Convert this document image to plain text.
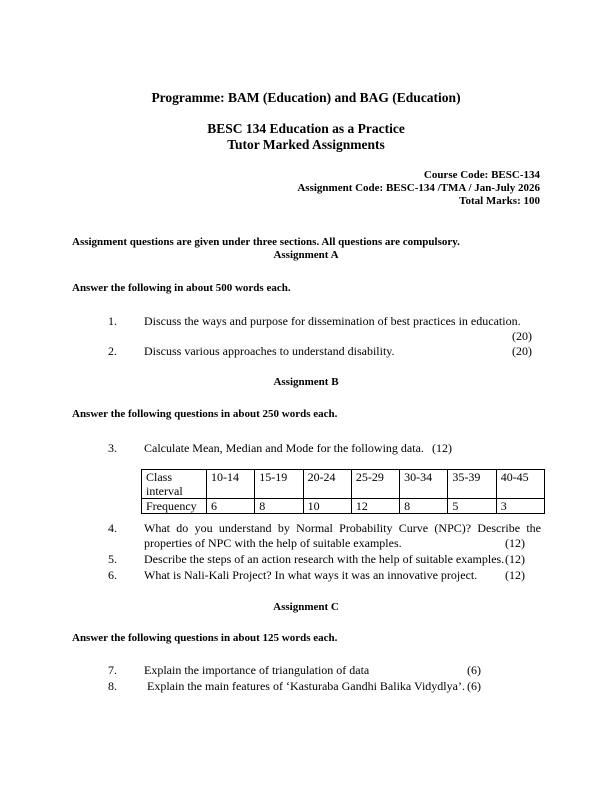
Programme: BAM (Education) and BAG (Education)
BESC 134 Education as a Practice
Tutor Marked Assignments
Course Code: BESC-134
Assignment Code: BESC-134 /TMA / Jan-July 2026
Total Marks: 100
Assignment questions are given under three sections. All questions are compulsory.
Assignment A
Answer the following in about 500 words each.
1. Discuss the ways and purpose for dissemination of best practices in education.
(20)
2. Discuss various approaches to understand disability.	(20)
Assignment B
Answer the following questions in about 250 words each.
3. Calculate Mean, Median and Mode for the following data. (12)
Class interval	10-14	15-19	20-24	25-29	30-34	35-39	40-45
Frequency	6	8	10	12	8	5	3
4. What do you understand by Normal Probability Curve (NPC)? Describe the
properties of NPC with the help of suitable examples.	(12)
5. Describe the steps of an action research with the help of suitable examples. (12)
6. What is Nali-Kali Project? In what ways it was an innovative project. (12)
Assignment C
Answer the following questions in about 125 words each.
7. Explain the importance of triangulation of data	(6)
8.	Explain the main features of ‘Kasturaba Gandhi Balika Vidydlya’. (6)
